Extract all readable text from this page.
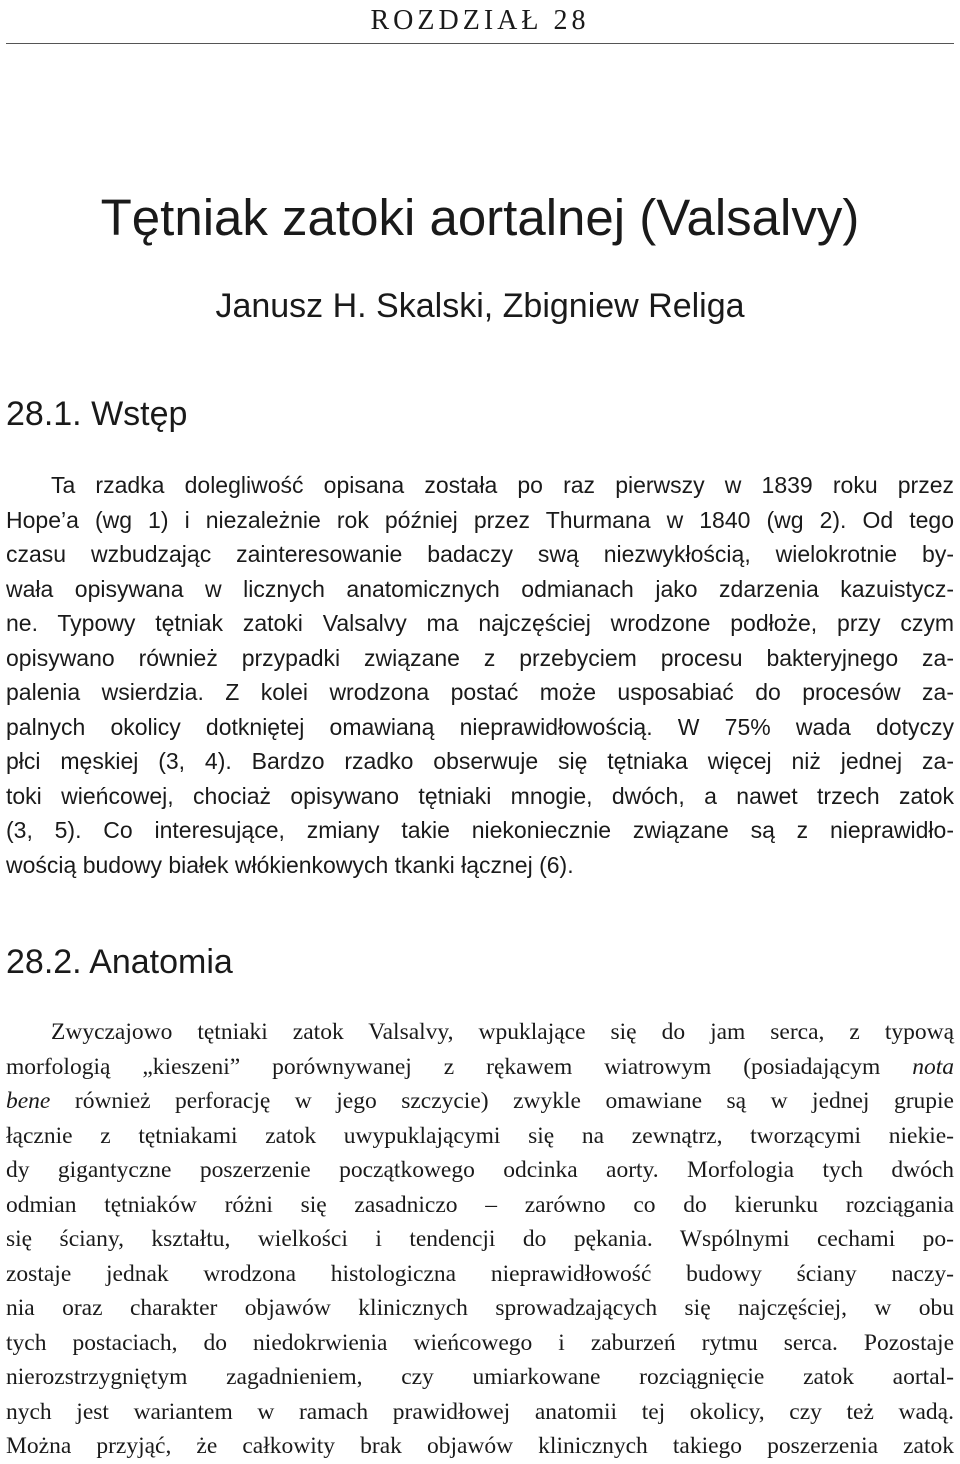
ROZDZIAŁ 28
Tętniak zatoki aortalnej (Valsalvy)
Janusz H. Skalski, Zbigniew Religa
28.1. Wstęp
Ta rzadka dolegliwość opisana została po raz pierwszy w 1839 roku przez
Hope’a (wg 1) i niezależnie rok później przez Thurmana w 1840 (wg 2). Od tego
czasu wzbudzając zainteresowanie badaczy swą niezwykłością, wielokrotnie by-
wała opisywana w licznych anatomicznych odmianach jako zdarzenia kazuistycz-
ne. Typowy tętniak zatoki Valsalvy ma najczęściej wrodzone podłoże, przy czym
opisywano również przypadki związane z przebyciem procesu bakteryjnego za-
palenia wsierdzia. Z kolei wrodzona postać może usposabiać do procesów za-
palnych okolicy dotkniętej omawianą nieprawidłowością. W 75% wada dotyczy
płci męskiej (3, 4). Bardzo rzadko obserwuje się tętniaka więcej niż jednej za-
toki wieńcowej, chociaż opisywano tętniaki mnogie, dwóch, a nawet trzech zatok
(3, 5). Co interesujące, zmiany takie niekoniecznie związane są z nieprawidło-
wością budowy białek włókienkowych tkanki łącznej (6).
28.2. Anatomia
Zwyczajowo tętniaki zatok Valsalvy, wpuklające się do jam serca, z typową
morfologią „kieszeni” porównywanej z rękawem wiatrowym (posiadającym nota
bene również perforację w jego szczycie) zwykle omawiane są w jednej grupie
łącznie z tętniakami zatok uwypuklającymi się na zewnątrz, tworzącymi niekie-
dy gigantyczne poszerzenie początkowego odcinka aorty. Morfologia tych dwóch
odmian tętniaków różni się zasadniczo – zarówno co do kierunku rozciągania
się ściany, kształtu, wielkości i tendencji do pękania. Wspólnymi cechami po-
zostaje jednak wrodzona histologiczna nieprawidłowość budowy ściany naczy-
nia oraz charakter objawów klinicznych sprowadzających się najczęściej, w obu
tych postaciach, do niedokrwienia wieńcowego i zaburzeń rytmu serca. Pozostaje
nierozstrzygniętym zagadnieniem, czy umiarkowane rozciągnięcie zatok aortal-
nych jest wariantem w ramach prawidłowej anatomii tej okolicy, czy też wadą.
Można przyjąć, że całkowity brak objawów klinicznych takiego poszerzenia zatok
